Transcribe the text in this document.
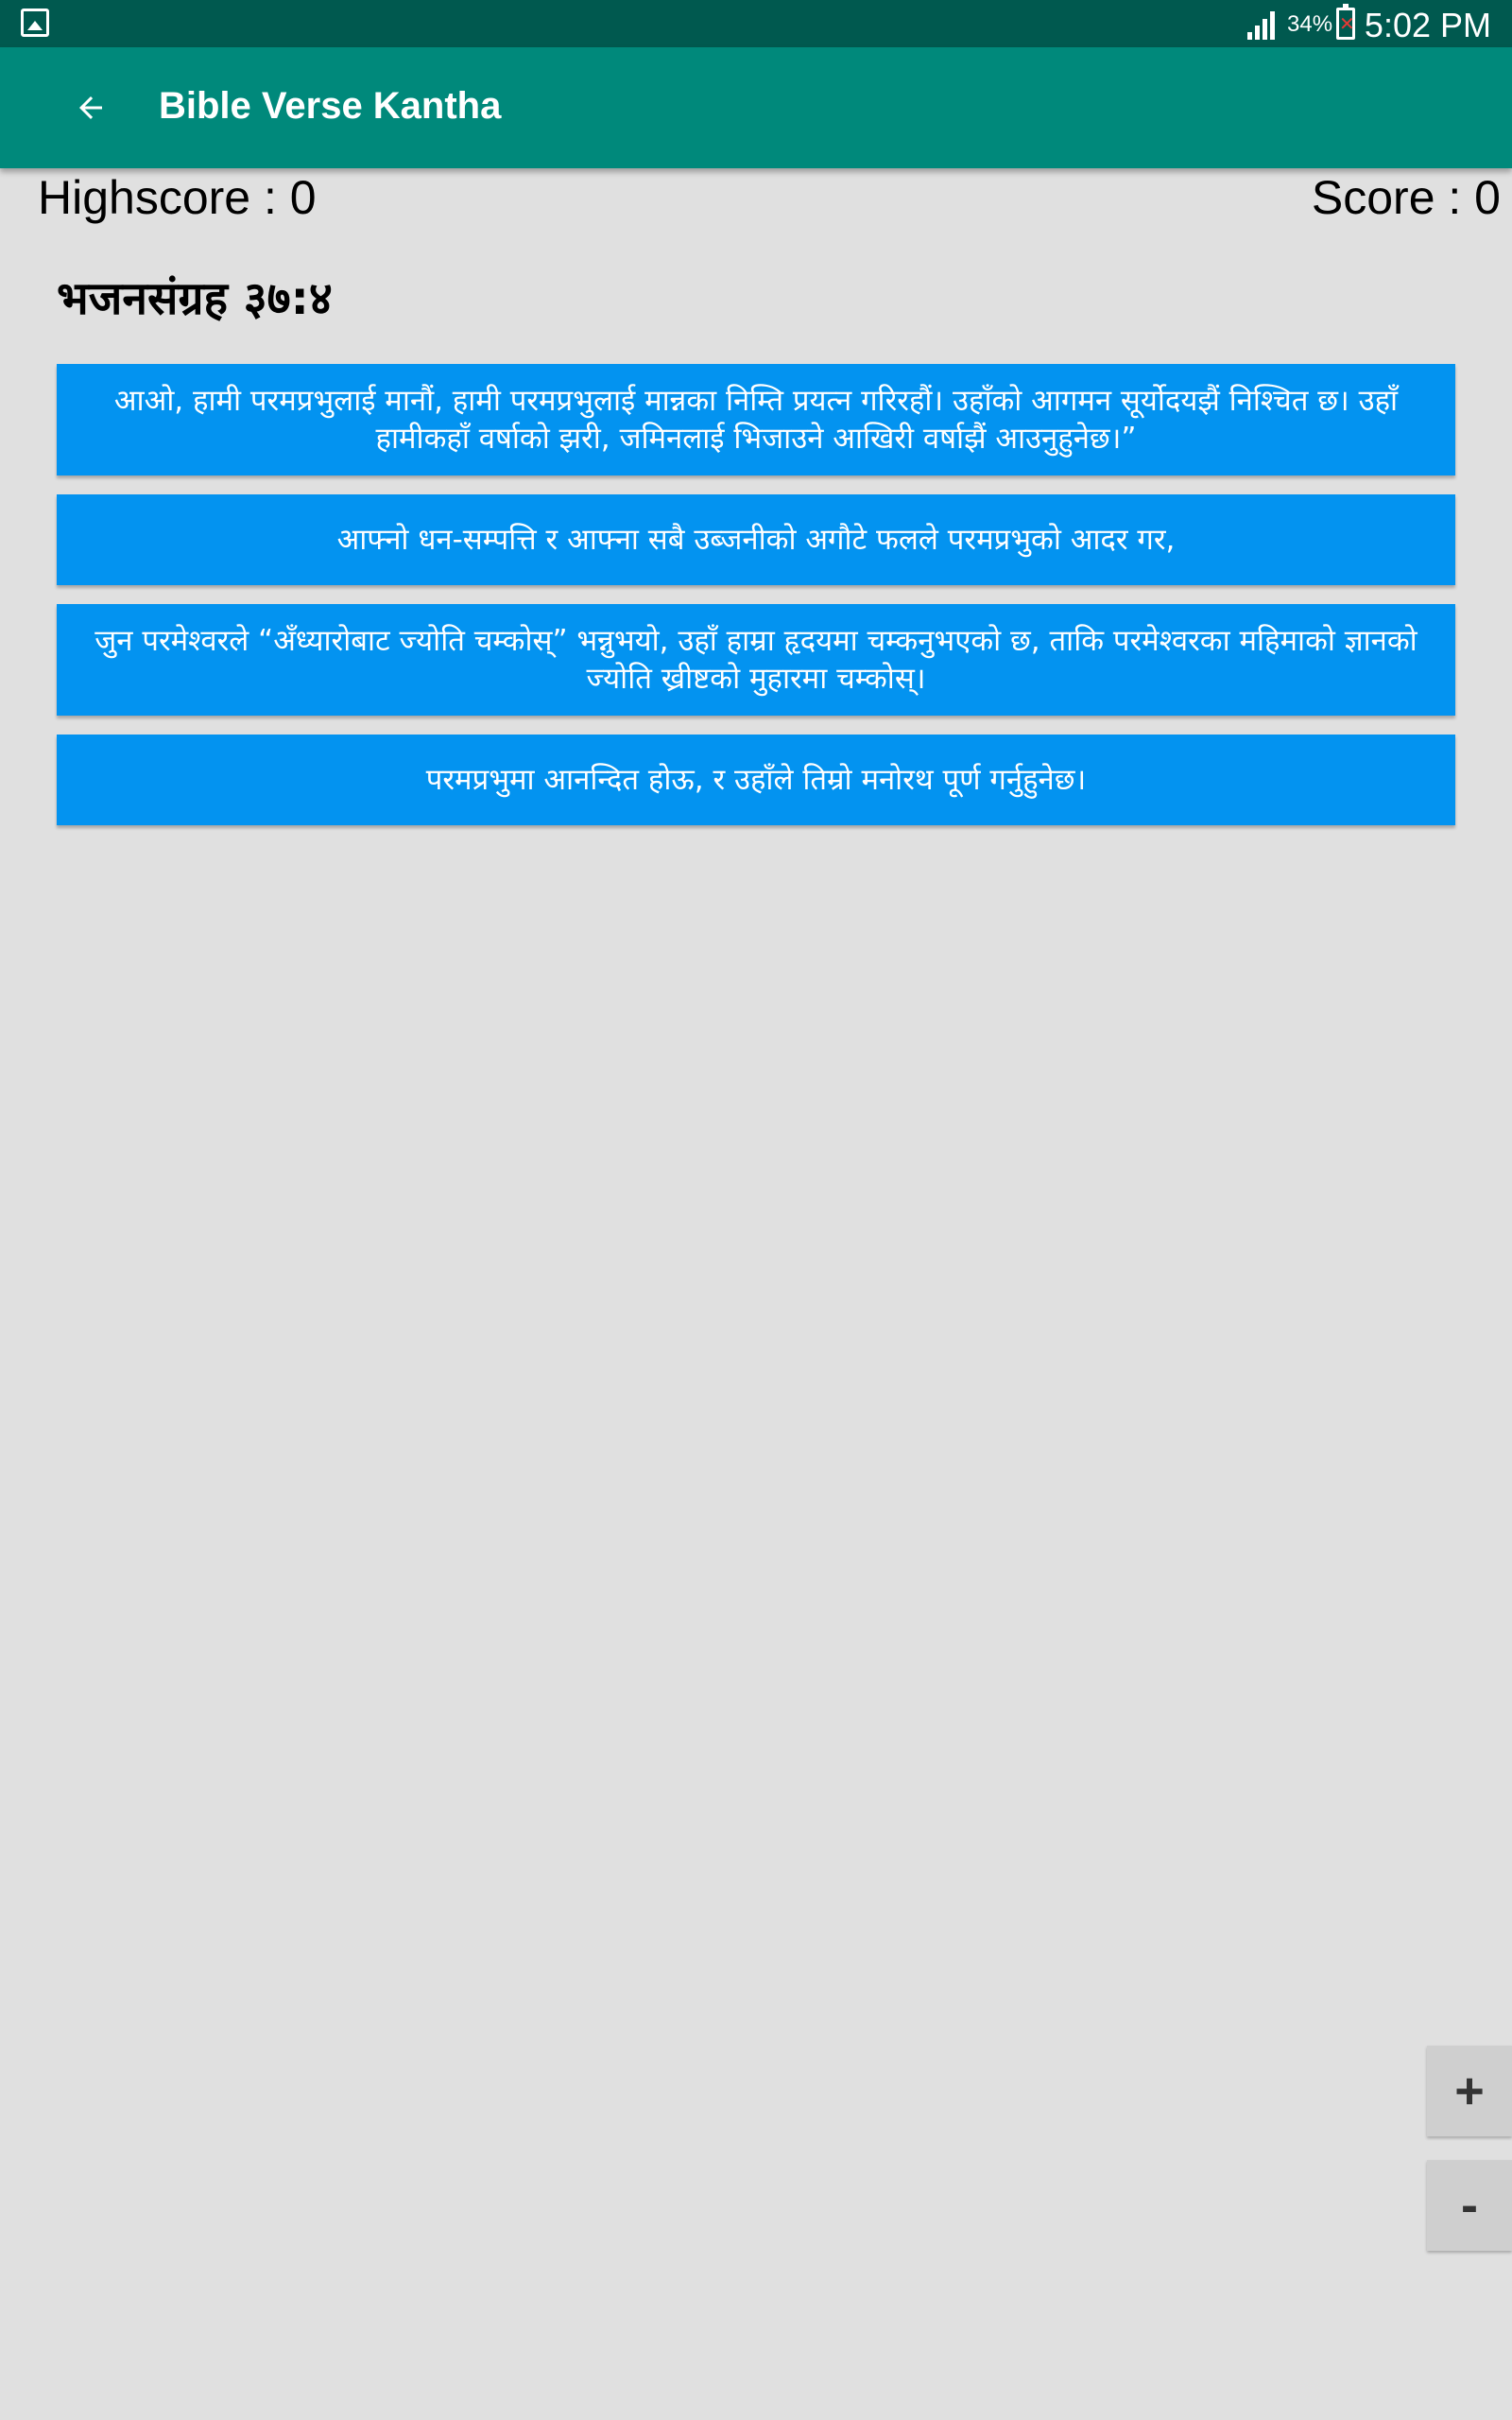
34%
✕ 5:02 PM
Bible Verse Kantha
Highscore : 0	Score : 0
भजनसंग्रह ३७:४
आओ, हामी परमप्रभुलाई मानौं, हामी परमप्रभुलाई मान्नका निम्ति प्रयत्न गरिरहौं। उहाँको आगमन सूर्योदयझैं निश्चित छ। उहाँ हामीकहाँ वर्षाको झरी, जमिनलाई भिजाउने आखिरी वर्षाझैं आउनुहुनेछ।”
आफ्नो धन-सम्पत्ति र आफ्ना सबै उब्जनीको अगौटे फलले परमप्रभुको आदर गर,
जुन परमेश्वरले “अँध्यारोबाट ज्योति चम्कोस्” भन्नुभयो, उहाँ हाम्रा हृदयमा चम्कनुभएको छ, ताकि परमेश्वरका महिमाको ज्ञानको ज्योति ख्रीष्टको मुहारमा चम्कोस्।
परमप्रभुमा आनन्दित होऊ, र उहाँले तिम्रो मनोरथ पूर्ण गर्नुहुनेछ।
+
-
